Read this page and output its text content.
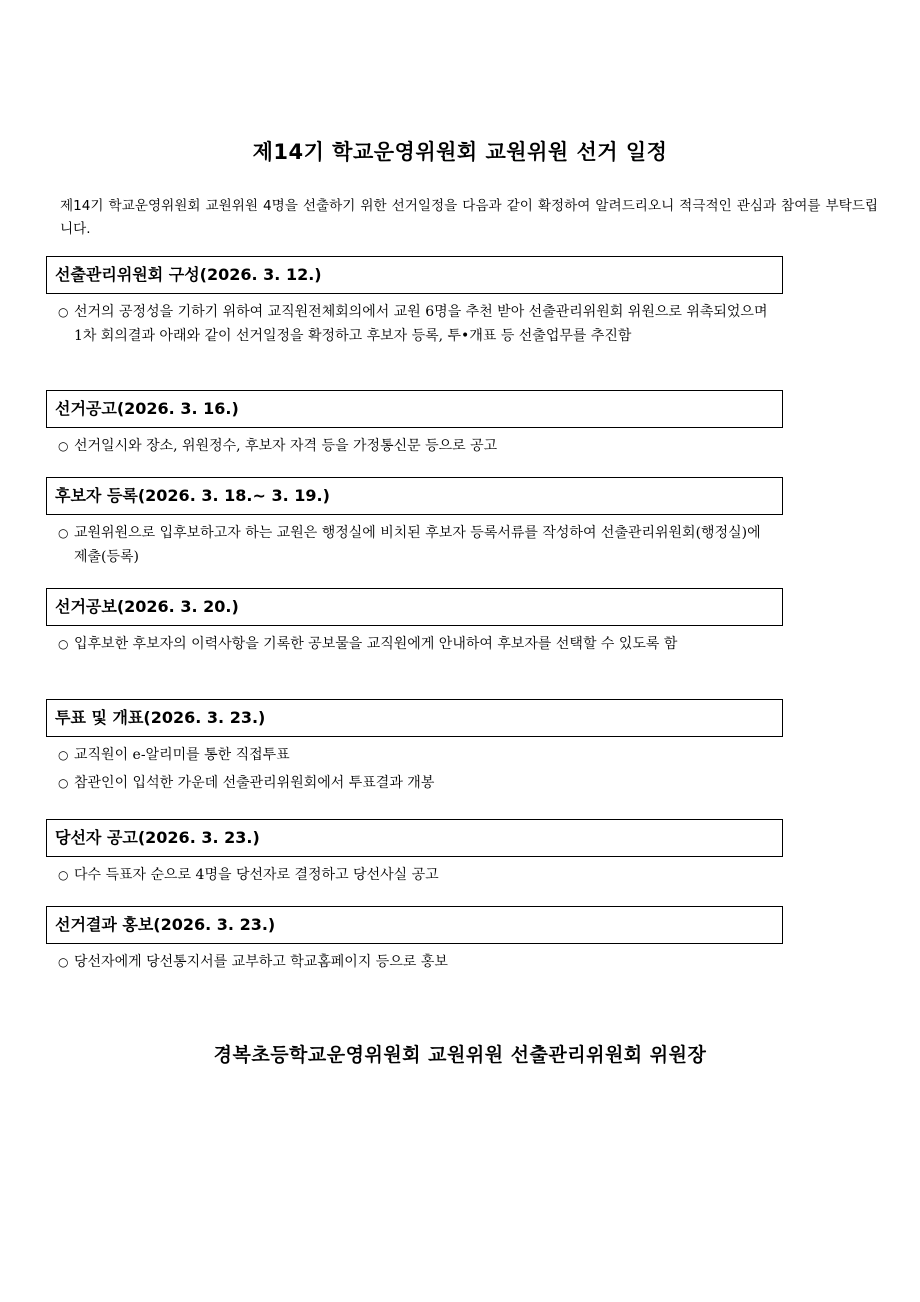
제14기 학교운영위원회 교원위원 선거 일정
제14기 학교운영위원회 교원위원 4명을 선출하기 위한 선거일정을 다음과 같이 확정하여 알려드리오니 적극적인 관심과 참여를 부탁드립니다.
선출관리위원회 구성(2026. 3. 12.)
○ 선거의 공정성을 기하기 위하여 교직원전체회의에서 교원 6명을 추천 받아 선출관리위원회 위원으로 위촉되었으며 1차 회의결과 아래와 같이 선거일정을 확정하고 후보자 등록, 투•개표 등 선출업무를 추진함
선거공고(2026. 3. 16.)
○ 선거일시와 장소, 위원정수, 후보자 자격 등을 가정통신문 등으로 공고
후보자 등록(2026. 3. 18.~ 3. 19.)
○ 교원위원으로 입후보하고자 하는 교원은 행정실에 비치된 후보자 등록서류를 작성하여 선출관리위원회(행정실)에 제출(등록)
선거공보(2026. 3. 20.)
○ 입후보한 후보자의 이력사항을 기록한 공보물을 교직원에게 안내하여 후보자를 선택할 수 있도록 함
투표 및 개표(2026. 3. 23.)
○ 교직원이 e-알리미를 통한 직접투표
○ 참관인이 입석한 가운데 선출관리위원회에서 투표결과 개봉
당선자 공고(2026. 3. 23.)
○ 다수 득표자 순으로 4명을 당선자로 결정하고 당선사실 공고
선거결과 홍보(2026. 3. 23.)
○ 당선자에게 당선통지서를 교부하고 학교홈페이지 등으로 홍보
경복초등학교운영위원회 교원위원 선출관리위원회 위원장
